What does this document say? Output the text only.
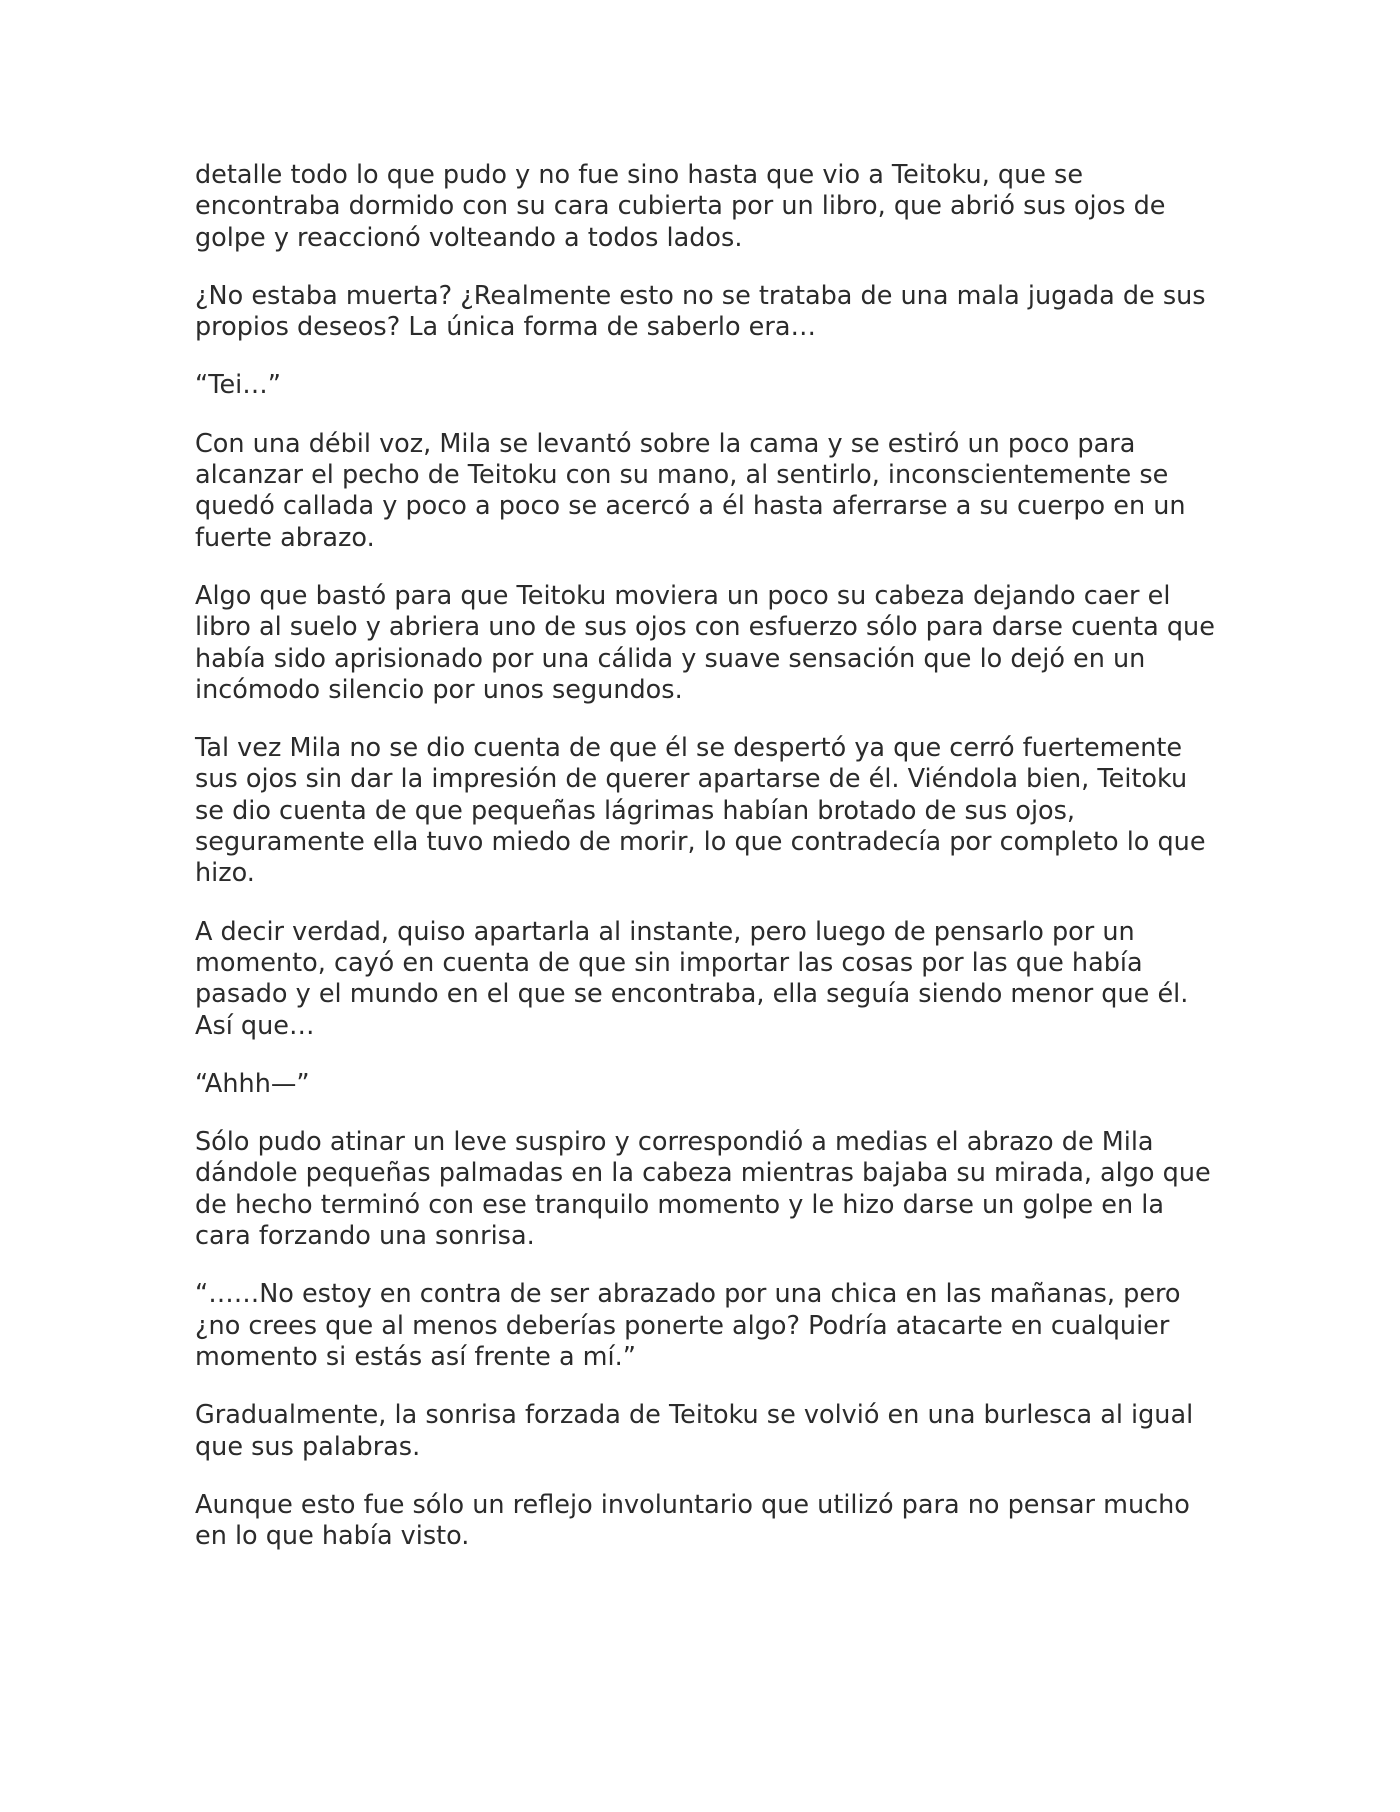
detalle todo lo que pudo y no fue sino hasta que vio a Teitoku, que se
encontraba dormido con su cara cubierta por un libro, que abrió sus ojos de
golpe y reaccionó volteando a todos lados.

¿No estaba muerta? ¿Realmente esto no se trataba de una mala jugada de sus
propios deseos? La única forma de saberlo era…

“Tei…”

Con una débil voz, Mila se levantó sobre la cama y se estiró un poco para
alcanzar el pecho de Teitoku con su mano, al sentirlo, inconscientemente se
quedó callada y poco a poco se acercó a él hasta aferrarse a su cuerpo en un
fuerte abrazo.

Algo que bastó para que Teitoku moviera un poco su cabeza dejando caer el
libro al suelo y abriera uno de sus ojos con esfuerzo sólo para darse cuenta que
había sido aprisionado por una cálida y suave sensación que lo dejó en un
incómodo silencio por unos segundos.

Tal vez Mila no se dio cuenta de que él se despertó ya que cerró fuertemente
sus ojos sin dar la impresión de querer apartarse de él. Viéndola bien, Teitoku
se dio cuenta de que pequeñas lágrimas habían brotado de sus ojos,
seguramente ella tuvo miedo de morir, lo que contradecía por completo lo que
hizo.

A decir verdad, quiso apartarla al instante, pero luego de pensarlo por un
momento, cayó en cuenta de que sin importar las cosas por las que había
pasado y el mundo en el que se encontraba, ella seguía siendo menor que él.
Así que…

“Ahhh—”

Sólo pudo atinar un leve suspiro y correspondió a medias el abrazo de Mila
dándole pequeñas palmadas en la cabeza mientras bajaba su mirada, algo que
de hecho terminó con ese tranquilo momento y le hizo darse un golpe en la
cara forzando una sonrisa.

“……No estoy en contra de ser abrazado por una chica en las mañanas, pero
¿no crees que al menos deberías ponerte algo? Podría atacarte en cualquier
momento si estás así frente a mí.”

Gradualmente, la sonrisa forzada de Teitoku se volvió en una burlesca al igual
que sus palabras.

Aunque esto fue sólo un reflejo involuntario que utilizó para no pensar mucho
en lo que había visto.
